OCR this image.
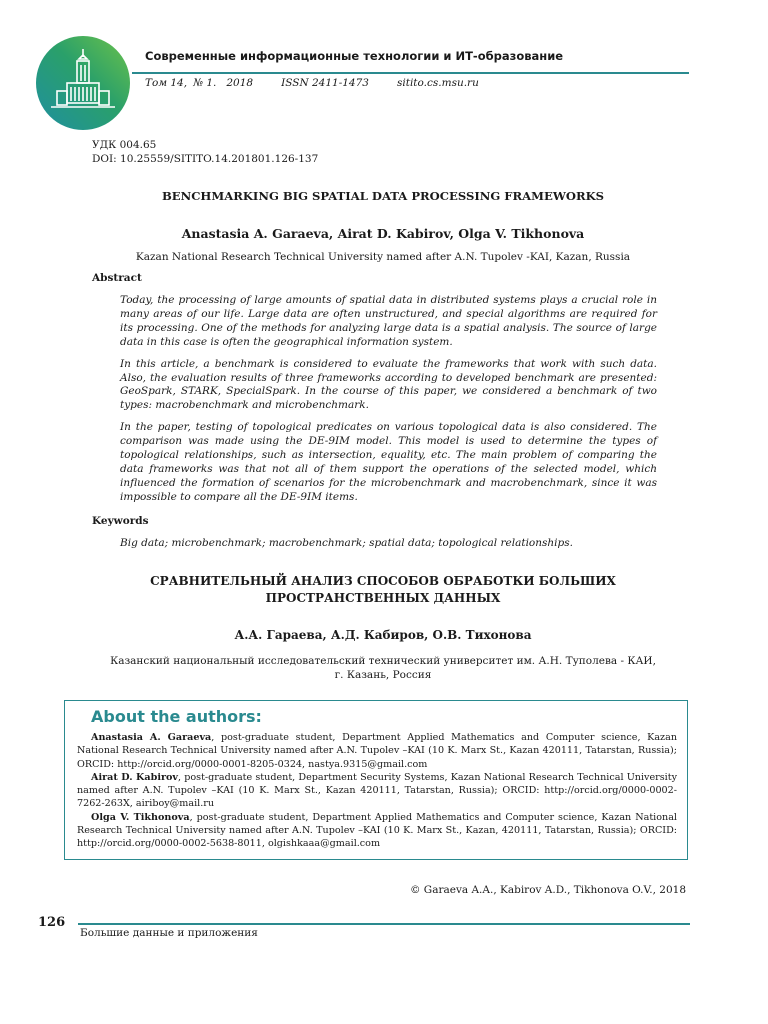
Современные информационные технологии и ИТ-образование
Том 14, № 1. 2018	ISSN 2411-1473	sitito.cs.msu.ru
УДК 004.65
DOI: 10.25559/SITITO.14.201801.126-137
BENCHMARKING BIG SPATIAL DATA PROCESSING FRAMEWORKS
Anastasia A. Garaeva, Airat D. Kabirov, Olga V. Tikhonova
Kazan National Research Technical University named after A.N. Tupolev -KAI, Kazan, Russia
Abstract

Today, the processing of large amounts of spatial data in distributed systems plays a crucial role in many areas of our life. Large data are often unstructured, and special algorithms are required for its processing. One of the methods for analyzing large data is a spatial analysis. The source of large data in this case is often the geographical information system.

In this article, a benchmark is considered to evaluate the frameworks that work with such data. Also, the evaluation results of three frameworks according to developed benchmark are presented: GeoSpark, STARK, SpecialSpark. In the course of this paper, we considered a benchmark of two types: macrobenchmark and microbenchmark.

In the paper, testing of topological predicates on various topological data is also considered. The comparison was made using the DE-9IM model. This model is used to determine the types of topological relationships, such as intersection, equality, etc. The main problem of comparing the data frameworks was that not all of them support the operations of the selected model, which influenced the formation of scenarios for the microbenchmark and macrobenchmark, since it was impossible to compare all the DE-9IM items.

Keywords
Big data; microbenchmark; macrobenchmark; spatial data; topological relationships.
СРАВНИТЕЛЬНЫЙ АНАЛИЗ СПОСОБОВ ОБРАБОТКИ БОЛЬШИХ
ПРОСТРАНСТВЕННЫХ ДАННЫХ
А.А. Гараева, А.Д. Кабиров, О.В. Тихонова
Казанский национальный исследовательский технический университет им. А.Н. Туполева - КАИ,
г. Казань, Россия
About the authors:

Anastasia A. Garaeva, post-graduate student, Department Applied Mathematics and Computer science, Kazan National Research Technical University named after A.N. Tupolev –KAI (10 K. Marx St., Kazan 420111, Tatarstan, Russia); ORCID: http://orcid.org/0000-0001-8205-0324, nastya.9315@gmail.com

Airat D. Kabirov, post-graduate student, Department Security Systems, Kazan National Research Technical University named after A.N. Tupolev –KAI (10 K. Marx St., Kazan 420111, Tatarstan, Russia); ORCID: http://orcid.org/0000-0002-7262-263X, airiboy@mail.ru

Olga V. Tikhonova, post-graduate student, Department Applied Mathematics and Computer science, Kazan National Research Technical University named after A.N. Tupolev –KAI (10 K. Marx St., Kazan, 420111, Tatarstan, Russia); ORCID: http://orcid.org/0000-0002-5638-8011, olgishkaaa@gmail.com

© Garaeva A.A., Kabirov A.D., Tikhonova O.V., 2018
126
Большие данные и приложения
